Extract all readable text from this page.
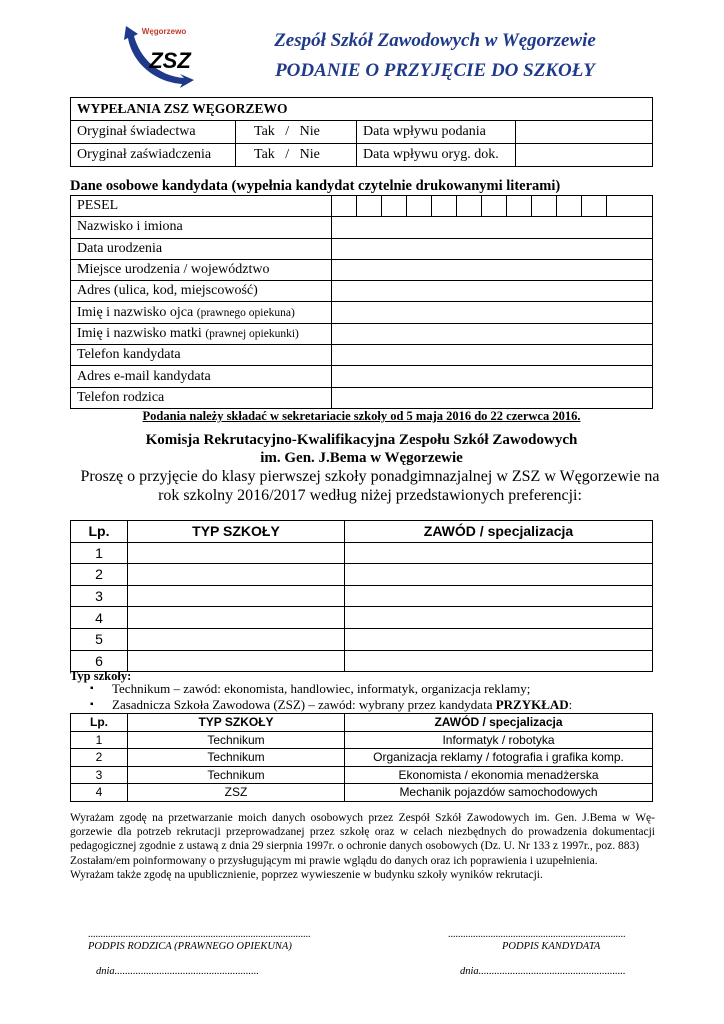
Węgorzewo
ZSZ
Zespół Szkół Zawodowych w Węgorzewie
PODANIE O PRZYJĘCIE DO SZKOŁY
WYPEŁANIA ZSZ WĘGORZEWO			
Oryginał świadectwa	Tak   /   Nie	Data wpływu podania	
Oryginał zaświadczenia	Tak   /   Nie	Data wpływu oryg. dok.	
Dane osobowe kandydata (wypełnia kandydat czytelnie drukowanymi literami)
PESEL												
Nazwisko i imiona												
Data urodzenia												
Miejsce urodzenia / województwo												
Adres (ulica, kod, miejscowość)												
Imię i nazwisko ojca (prawnego opiekuna)												
Imię i nazwisko matki (prawnej opiekunki)												
Telefon kandydata												
Adres e-mail kandydata												
Telefon rodzica												
Podania należy składać w sekretariacie szkoły od 5 maja 2016 do 22 czerwca 2016.
Komisja Rekrutacyjno-Kwalifikacyjna Zespołu Szkół Zawodowych
im. Gen. J.Bema w Węgorzewie
Proszę o przyjęcie do klasy pierwszej szkoły ponadgimnazjalnej w ZSZ w Węgorzewie na rok szkolny 2016/2017 według niżej przedstawionych preferencji:
Lp.	TYP SZKOŁY	ZAWÓD / specjalizacja
1		
2		
3		
4		
5		
6		
Typ szkoły:
▪ Technikum – zawód: ekonomista, handlowiec, informatyk, organizacja reklamy;
▪ Zasadnicza Szkoła Zawodowa (ZSZ) – zawód: wybrany przez kandydata PRZYKŁAD:
Lp.	TYP SZKOŁY	ZAWÓD / specjalizacja
1	Technikum	Informatyk / robotyka
2	Technikum	Organizacja reklamy / fotografia i grafika komp.
3	Technikum	Ekonomista / ekonomia menadżerska
4	ZSZ	Mechanik pojazdów samochodowych
Wyrażam zgodę na przetwarzanie moich danych osobowych przez Zespół Szkół Zawodowych im. Gen. J.Bema w Wę-gorzewie dla potrzeb rekrutacji przeprowadzanej przez szkołę oraz w celach niezbędnych do prowadzenia dokumentacji pedagogicznej zgodnie z ustawą z dnia 29 sierpnia 1997r. o ochronie danych osobowych (Dz. U. Nr 133 z 1997r., poz. 883)
Zostałam/em poinformowany o przysługującym mi prawie wglądu do danych oraz ich poprawienia i uzupełnienia.
Wyrażam także zgodę na upublicznienie, poprzez wywieszenie w budynku szkoły wyników rekrutacji.
.........................................................................................
PODPIS RODZICA (PRAWNEGO OPIEKUNA)
.......................................................................
PODPIS KANDYDATA
dnia.......................................................	dnia........................................................
